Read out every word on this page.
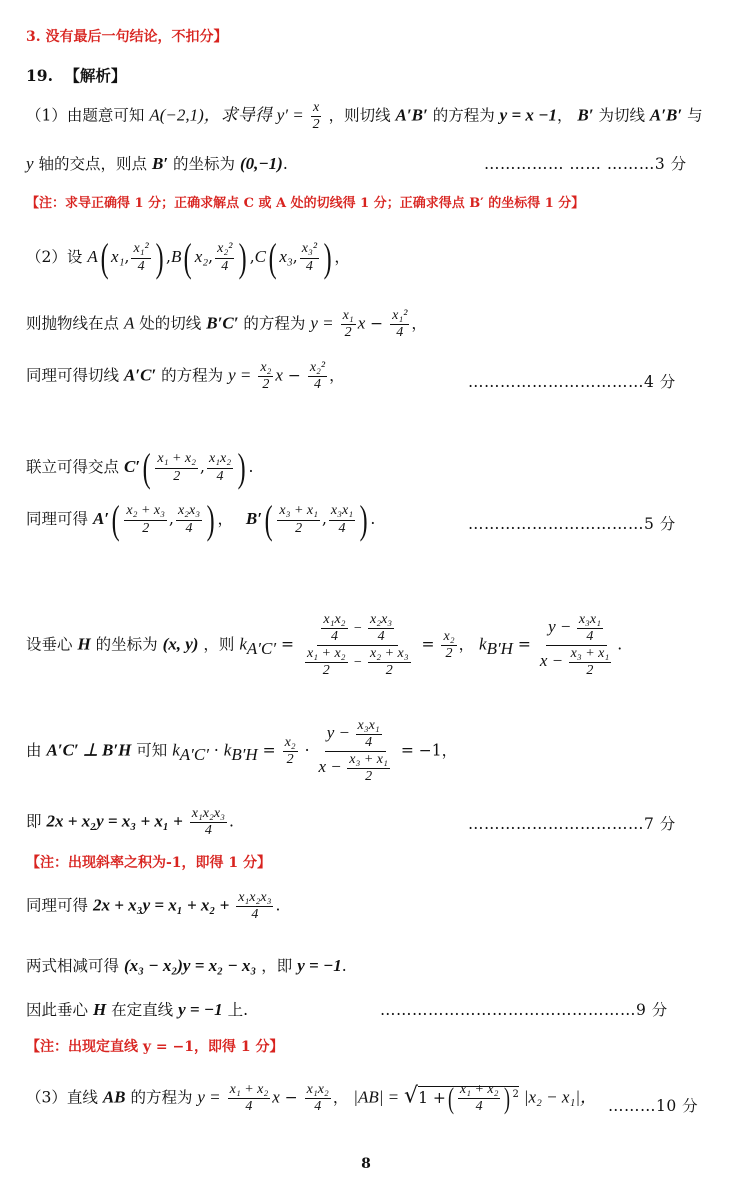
3. 没有最后一句结论，不扣分】
19. 【解析】
（1）由题意可知 A(−2,1)，求导得 $y' = \frac{x}{2}$ ，则切线 A′B′ 的方程为 y = x −1， B′ 为切线 A′B′ 与
y 轴的交点，则点 B′ 的坐标为 (0,−1).	…………… …… ………3 分
【注：求导正确得 1 分；正确求解点 C 或 A 处的切线得 1 分；正确求得点 B′ 的坐标得 1 分】
（2）设 A( x₁, $\frac{\text{x₁²}}{4}$ ) ,B( x₂, $\frac{\text{x₂²}}{4}$ ) ,C( x₃, $\frac{\text{x₃²}}{4}$ ) ，
则抛物线在点 A 处的切线 B′C′ 的方程为 $y = \frac{\text{x₁}}{2}$ $x - \frac{\text{x₁²}}{4}$ ，
同理可得切线 A′C′ 的方程为 $y = \frac{\text{x₂}}{2}$ $x - \frac{\text{x₂²}}{4}$ ，	……………………………4 分
联立可得交点 $C'( \frac{\text{x₁ + x₂}}{2}$ , $\frac{\text{x₁x₂}}{4}$ ) .
同理可得 $A'( \frac{\text{x₂ + x₃}}{2}$ , $\frac{\text{x₂x₃}}{4}$ ) ， $B'( \frac{\text{x₃ + x₁}}{2}$ , $\frac{\text{x₃x₁}}{4}$ ) .	……………………………5 分
设垂心 H 的坐标为 (x, y) ，则 $k_{A'C'} = \frac{\frac{\text{x₁x₂}}{4} - \frac{\text{x₂x₃}}{4}}{\frac{\text{x₁ + x₂}}{2} - \frac{\text{x₂ + x₃}}{2}} = \frac{\text{x₂}}{2}$ ， $k_{B'H} = \frac{y - \frac{\text{x₃x₁}}{4}}{x - \frac{\text{x₃ + x₁}}{2}}$ .
由 A′C′ ⊥ B′H 可知 $k_{A'C'} \cdot k_{B'H} = \frac{\text{x₂}}{2} \cdot \frac{y - \frac{\text{x₃x₁}}{4}}{x - \frac{\text{x₃ + x₁}}{2}} = -1$，
即 $2x + x_2y = x_3 + x_1 + \frac{\text{x₁x₂x₃}}{4}$ .	……………………………7 分
【注：出现斜率之积为-1，即得 1 分】
同理可得 $2x + x_3y = x_1 + x_2 + \frac{\text{x₁x₂x₃}}{4}$ .
两式相减可得 (x₃ − x₂)y = x₂ − x₃ ，即 y = −1.
因此垂心 H 在定直线 y = −1 上.	…………………………………………9 分
【注：出现定直线 y = −1，即得 1 分】
（3）直线 AB 的方程为 $y = \frac{\text{x₁ + x₂}}{4}$ $x - \frac{\text{x₁x₂}}{4}$ ， |AB| = √1 +( $\frac{\text{x₁ + x₂}}{4}$ ) $^2$ |x₂ − x₁|， ………10 分
8
